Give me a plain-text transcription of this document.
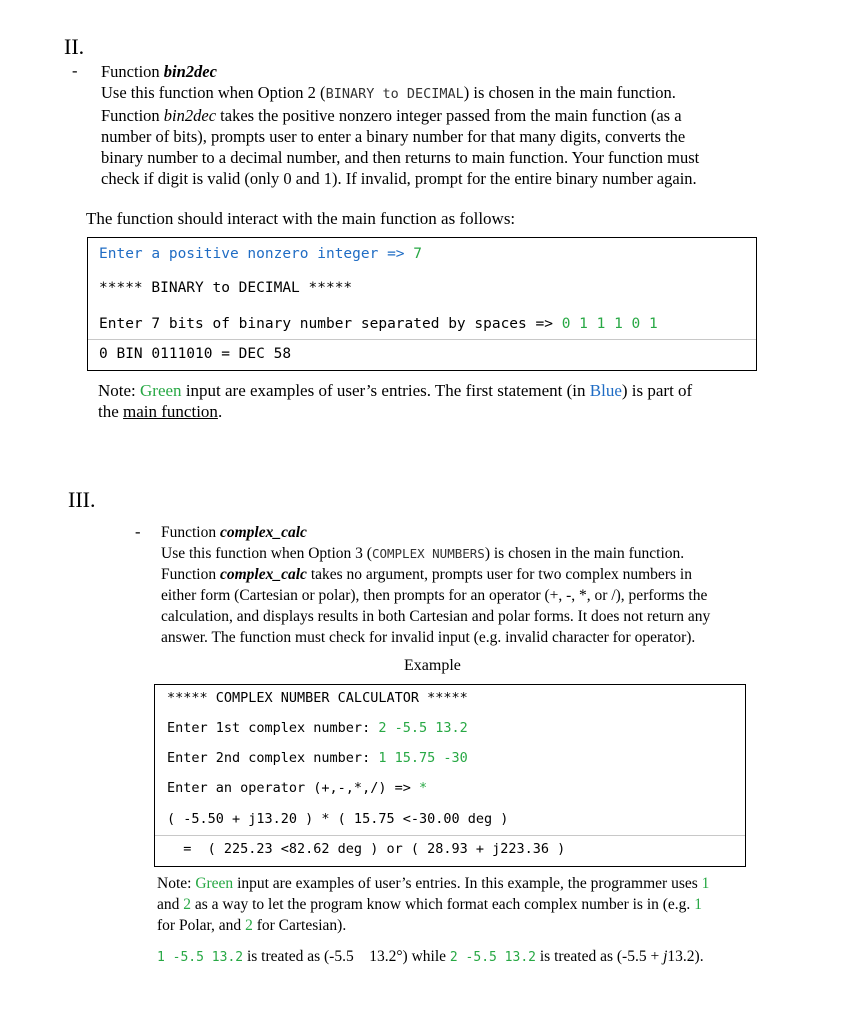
II.
- Function bin2dec

Use this function when Option 2 (BINARY to DECIMAL) is chosen in the main function.

Function bin2dec takes the positive nonzero integer passed from the main function (as a

number of bits), prompts user to enter a binary number for that many digits, converts the

binary number to a decimal number, and then returns to main function. Your function must

check if digit is valid (only 0 and 1). If invalid, prompt for the entire binary number again.

The function should interact with the main function as follows:
Enter a positive nonzero integer => 7
***** BINARY to DECIMAL *****
Enter 7 bits of binary number separated by spaces => 0 1 1 1 0 1
0 BIN 0111010 = DEC 58

Note: Green input are examples of user’s entries. The first statement (in Blue) is part of

the main function.

III.
- Function complex_calc

Use this function when Option 3 (COMPLEX NUMBERS) is chosen in the main function.

Function complex_calc takes no argument, prompts user for two complex numbers in

either form (Cartesian or polar), then prompts for an operator (+, -, *, or /), performs the

calculation, and displays results in both Cartesian and polar forms. It does not return any

answer. The function must check for invalid input (e.g. invalid character for operator).

Example
***** COMPLEX NUMBER CALCULATOR *****
Enter 1st complex number: 2 -5.5 13.2
Enter 2nd complex number: 1 15.75 -30
Enter an operator (+,-,*,/) => *
( -5.50 + j13.20 ) * ( 15.75 <-30.00 deg )
=  ( 225.23 <82.62 deg ) or ( 28.93 + j223.36 )

Note: Green input are examples of user’s entries. In this example, the programmer uses 1

and 2 as a way to let the program know which format each complex number is in (e.g. 1

for Polar, and 2 for Cartesian).

1 -5.5 13.2 is treated as (-5.5   13.2°) while 2 -5.5 13.2 is treated as (-5.5 + j13.2).
